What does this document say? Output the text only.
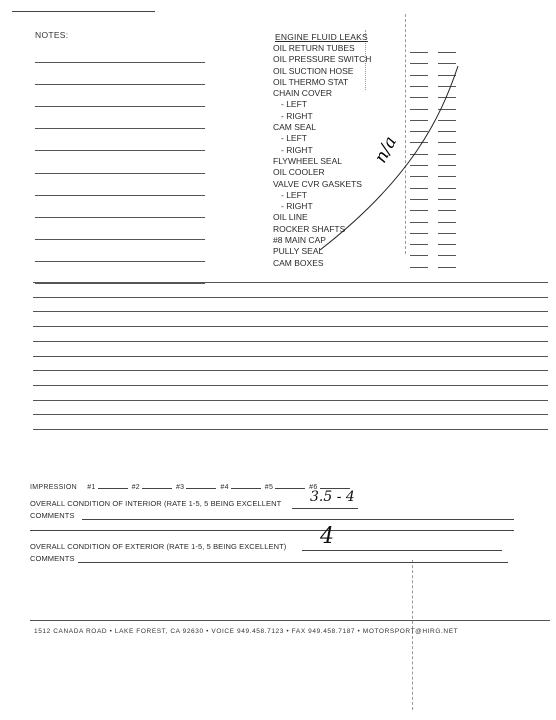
NOTES:	ENGINE FLUID LEAKS
OIL RETURN TUBES
OIL PRESSURE SWITCH
OIL SUCTION HOSE
OIL THERMO STAT
CHAIN COVER
- LEFT
- RIGHT
CAM SEAL
- LEFT
- RIGHT
FLYWHEEL SEAL
OIL COOLER
VALVE CVR GASKETS
- LEFT
- RIGHT
OIL LINE
ROCKER SHAFTS
#8 MAIN CAP
PULLY SEAL
CAM BOXES
n/a
IMPRESSION #1	#2	#3	#4	#5	#6
OVERALL CONDITION OF INTERIOR (RATE 1-5, 5 BEING EXCELLENT 3.5 - 4
COMMENTS
OVERALL CONDITION OF EXTERIOR (RATE 1-5, 5 BEING EXCELLENT) 4
COMMENTS
1512 CANADA ROAD • LAKE FOREST, CA 92630 • VOICE 949.458.7123 • FAX 949.458.7187 • MOTORSPORT@HIRG.NET
